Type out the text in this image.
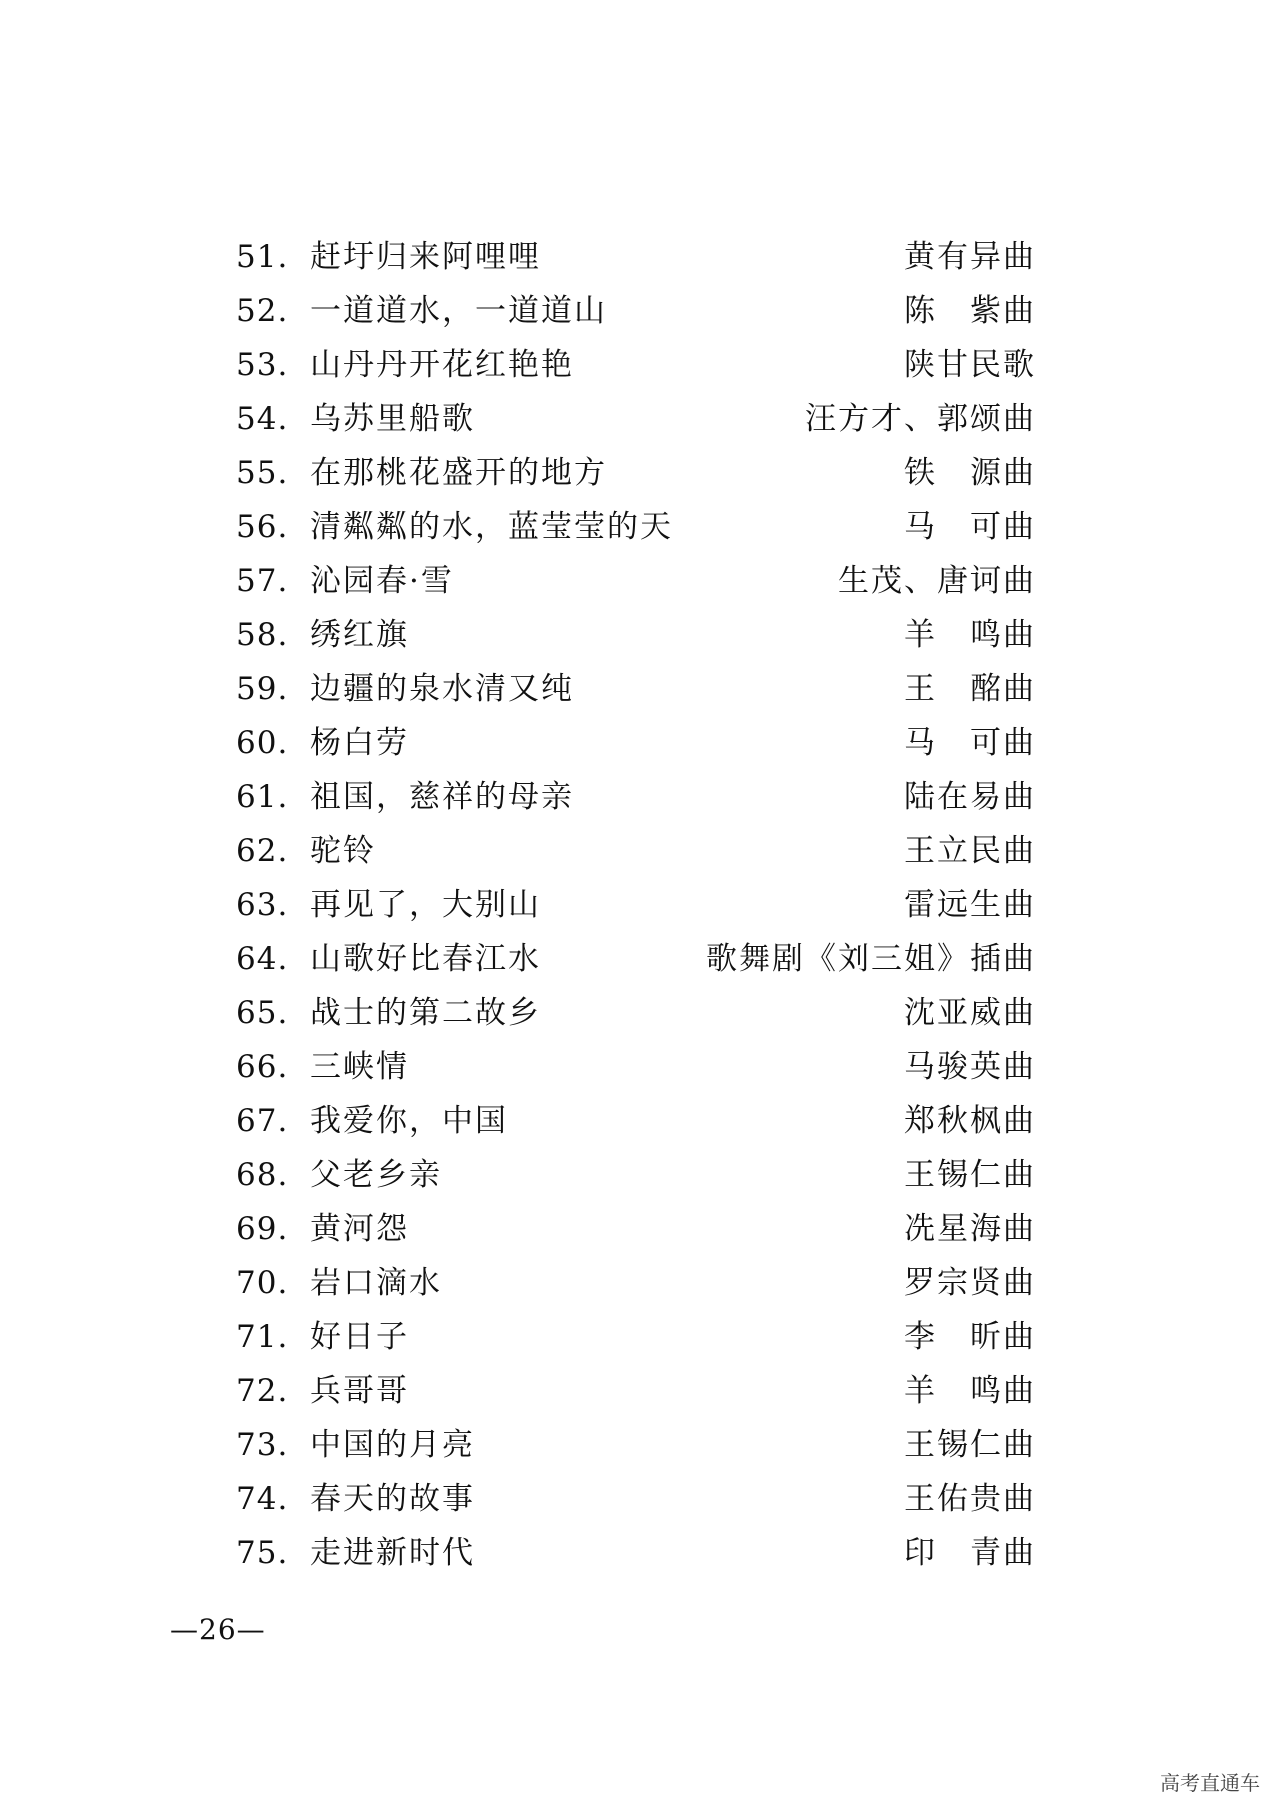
51. 赶圩归来阿哩哩	黄有异曲
52. 一道道水，一道道山	陈　紫曲
53. 山丹丹开花红艳艳	陕甘民歌
54. 乌苏里船歌	汪方才、郭颂曲
55. 在那桃花盛开的地方	铁　源曲
56. 清粼粼的水，蓝莹莹的天	马　可曲
57. 沁园春·雪	生茂、唐诃曲
58. 绣红旗	羊　鸣曲
59. 边疆的泉水清又纯	王　酩曲
60. 杨白劳	马　可曲
61. 祖国，慈祥的母亲	陆在易曲
62. 驼铃	王立民曲
63. 再见了，大别山	雷远生曲
64. 山歌好比春江水	歌舞剧《刘三姐》插曲
65. 战士的第二故乡	沈亚威曲
66. 三峡情	马骏英曲
67. 我爱你，中国	郑秋枫曲
68. 父老乡亲	王锡仁曲
69. 黄河怨	冼星海曲
70. 岩口滴水	罗宗贤曲
71. 好日子	李　昕曲
72. 兵哥哥	羊　鸣曲
73. 中国的月亮	王锡仁曲
74. 春天的故事	王佑贵曲
75. 走进新时代	印　青曲
—26—
高考直通车
